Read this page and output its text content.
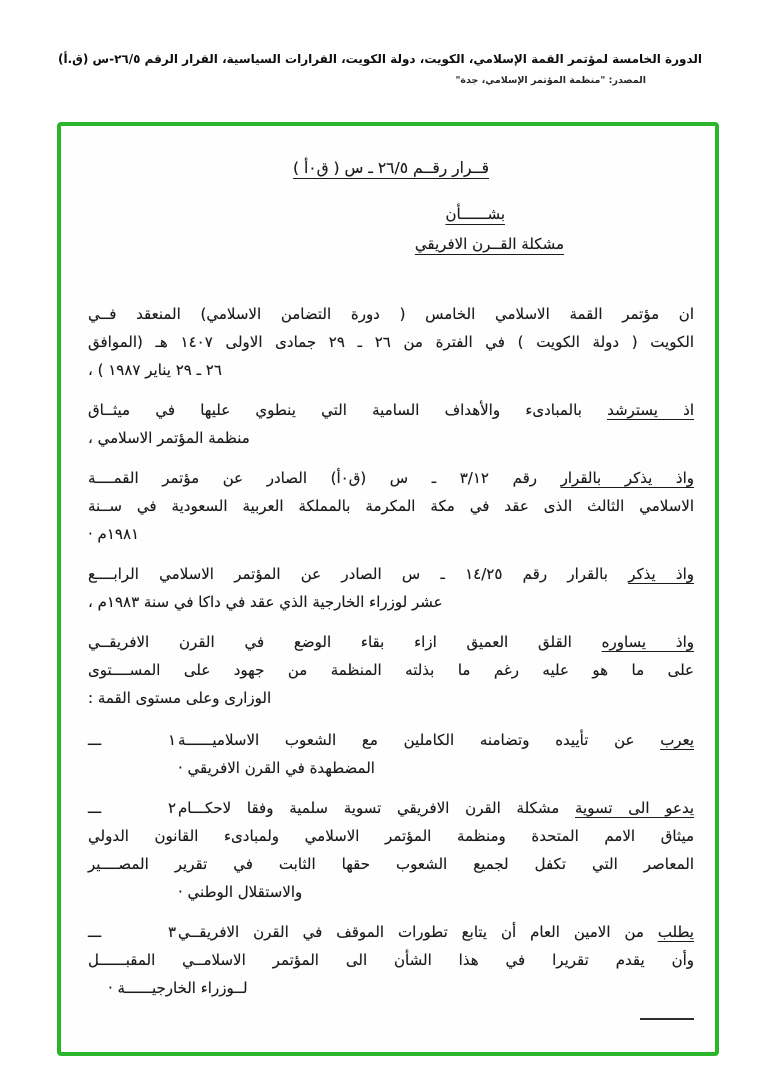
الدورة الخامسة لمؤتمر القمة الإسلامي، الكويت، دولة الكويت، القرارات السياسية، القرار الرقم ٢٦/٥-س (ق.أ)
المصدر: "منظمة المؤتمر الإسلامي، جدة"
قــرار رقــم ٢٦/٥ ـ س ( ق٠أ )
بشــــــأن
مشكلة القــرن الافريقي
ان مؤتمر القمة الاسلامي الخامس ( دورة التضامن الاسلامي) المنعقد فــي
الكويت ( دولة الكويت ) في الفترة من ٢٦ ـ ٢٩ جمادى الاولى ١٤٠٧ هـ (الموافق
٢٦ ـ ٢٩ يناير ١٩٨٧ ) ،
اذ يسترشد بالمبادىء والأهداف السامية التي ينطوي عليها في ميثــاق
منظمة المؤتمر الاسلامي ،
واذ يذكر بالقرار رقم ٣/١٢ ـ س (ق٠أ) الصادر عن مؤتمر القمــــة
الاسلامي الثالث الذى عقد في مكة المكرمة بالمملكة العربية السعودية في ســنة
١٩٨١م ·
واذ يذكر بالقرار رقم ١٤/٢٥ ـ س الصادر عن المؤتمر الاسلامي الرابــــع
عشر لوزراء الخارجية الذي عقد في داكا في سنة ١٩٨٣م ،
واذ يساوره القلق العميق ازاء بقاء الوضع في القرن الافريقــي
على ما هو عليه رغم ما بذلته المنظمة من جهود على المســــتوى
الوزارى وعلى مستوى القمة :
١ ـــ	يعرب عن تأييده وتضامنه الكاملين مع الشعوب الاسلاميــــــة
المضطهدة في القرن الافريقي ·
٢ ـــ	يدعو الى تسوية مشكلة القرن الافريقي تسوية سلمية وفقا لاحكـــام
ميثاق الامم المتحدة ومنظمة المؤتمر الاسلامي ولمبادىء القانون الدولي
المعاصر التي تكفل لجميع الشعوب حقها الثابت في تقرير المصــــير
والاستقلال الوطني ·
٣ ـــ	يطلب من الامين العام أن يتابع تطورات الموقف في القرن الافريقــي
وأن يقدم تقريرا في هذا الشأن الى المؤتمر الاسلامــي المقبــــــل
لــوزراء الخارجيــــــة ·
